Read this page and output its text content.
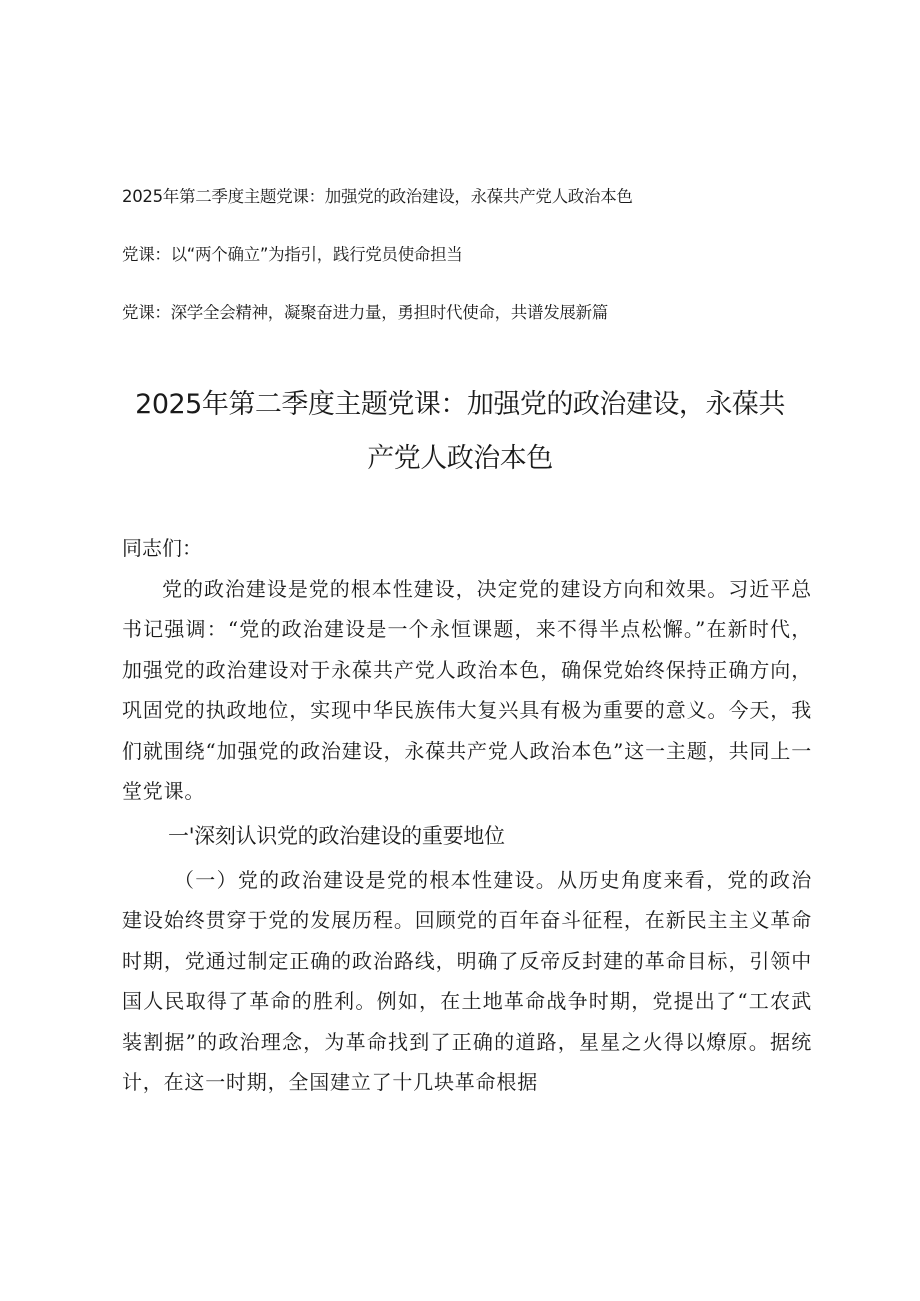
2025年第二季度主题党课：加强党的政治建设，永葆共产党人政治本色
党课：以“两个确立”为指引，践行党员使命担当
党课：深学全会精神，凝聚奋进力量，勇担时代使命，共谱发展新篇
2025年第二季度主题党课：加强党的政治建设，永葆共
产党人政治本色

同志们：

党的政治建设是党的根本性建设，决定党的建设方向和效果。习近平总书记强调：“党的政治建设是一个永恒课题，来不得半点松懈。”在新时代，加强党的政治建设对于永葆共产党人政治本色，确保党始终保持正确方向，巩固党的执政地位，实现中华民族伟大复兴具有极为重要的意义。今天，我们就围绕“加强党的政治建设，永葆共产党人政治本色”这一主题，共同上一堂党课。

一'深刻认识党的政治建设的重要地位

（一）党的政治建设是党的根本性建设。从历史角度来看，党的政治建设始终贯穿于党的发展历程。回顾党的百年奋斗征程，在新民主主义革命时期，党通过制定正确的政治路线，明确了反帝反封建的革命目标，引领中国人民取得了革命的胜利。例如，在土地革命战争时期，党提出了“工农武装割据”的政治理念，为革命找到了正确的道路，星星之火得以燎原。据统计，在这一时期，全国建立了十几块革命根据
